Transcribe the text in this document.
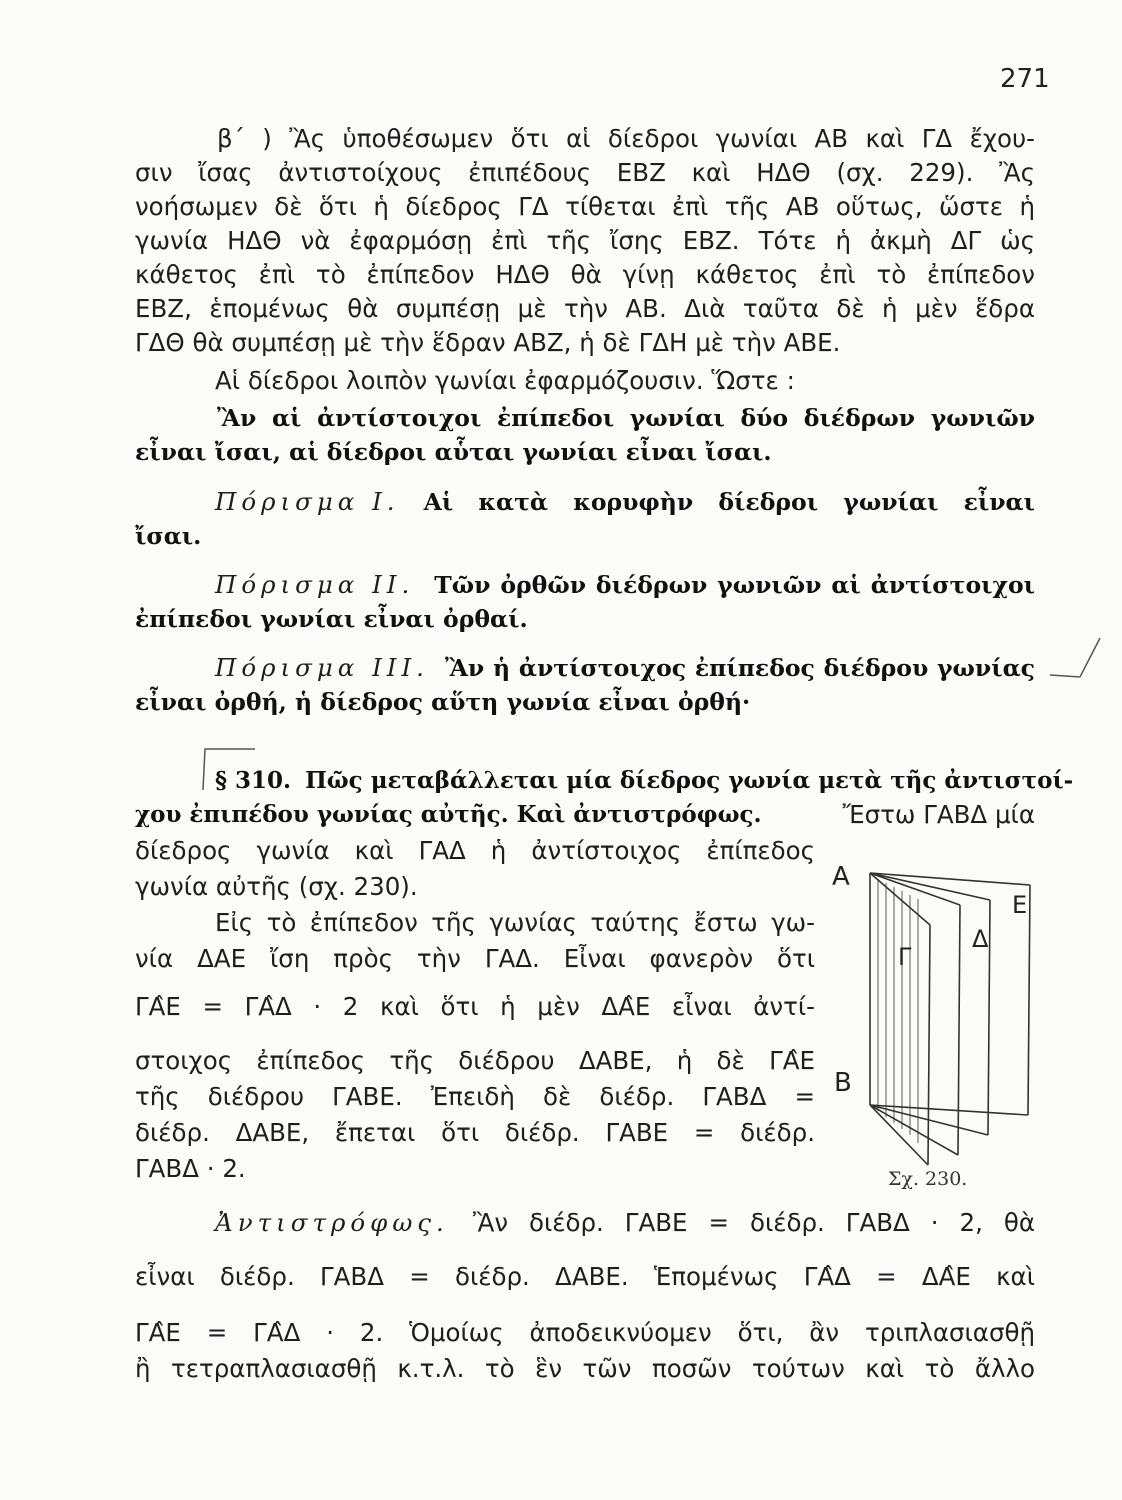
271
β΄ ) Ἂς ὑποθέσωμεν ὅτι αἱ δίεδροι γωνίαι ΑΒ καὶ ΓΔ ἔχου-
σιν ἴσας ἀντιστοίχους ἐπιπέδους ΕΒΖ καὶ ΗΔΘ (σχ. 229). Ἂς
νοήσωμεν δὲ ὅτι ἡ δίεδρος ΓΔ τίθεται ἐπὶ τῆς ΑΒ οὕτως, ὥστε ἡ
γωνία ΗΔΘ νὰ ἐφαρμόσῃ ἐπὶ τῆς ἴσης ΕΒΖ. Τότε ἡ ἀκμὴ ΔΓ ὡς
κάθετος ἐπὶ τὸ ἐπίπεδον ΗΔΘ θὰ γίνῃ κάθετος ἐπὶ τὸ ἐπίπεδον
ΕΒΖ, ἑπομένως θὰ συμπέσῃ μὲ τὴν ΑΒ. Διὰ ταῦτα δὲ ἡ μὲν ἕδρα
ΓΔΘ θὰ συμπέσῃ μὲ τὴν ἕδραν ΑΒΖ, ἡ δὲ ΓΔΗ μὲ τὴν ΑΒΕ.
Αἱ δίεδροι λοιπὸν γωνίαι ἐφαρμόζουσιν. Ὥστε :
Ἂν αἱ ἀντίστοιχοι ἐπίπεδοι γωνίαι δύο διέδρων γωνιῶν
εἶναι ἴσαι, αἱ δίεδροι αὗται γωνίαι εἶναι ἴσαι.
Πόρισμα I. Αἱ κατὰ κορυφὴν δίεδροι γωνίαι εἶναι
ἴσαι.
Πόρισμα II. Τῶν ὀρθῶν διέδρων γωνιῶν αἱ ἀντίστοιχοι
ἐπίπεδοι γωνίαι εἶναι ὀρθαί.
Πόρισμα III. Ἂν ἡ ἀντίστοιχος ἐπίπεδος διέδρου γωνίας
εἶναι ὀρθή, ἡ δίεδρος αὕτη γωνία εἶναι ὀρθή·
§ 310. Πῶς μεταβάλλεται μία δίεδρος γωνία μετὰ τῆς ἀντιστοί-
χου ἐπιπέδου γωνίας αὐτῆς. Καὶ ἀντιστρόφως.	Ἔστω ΓΑΒΔ μία
δίεδρος γωνία καὶ ΓΑΔ ἡ ἀντίστοιχος ἐπίπεδος
γωνία αὐτῆς (σχ. 230).
Εἰς τὸ ἐπίπεδον τῆς γωνίας ταύτης ἔστω γω-
νία ΔΑΕ ἴση πρὸς τὴν ΓΑΔ. Εἶναι φανερὸν ὅτι
ΓΑ̂Ε = ΓΑ̂Δ · 2 καὶ ὅτι ἡ μὲν ΔΑ̂Ε εἶναι ἀντί-
στοιχος ἐπίπεδος τῆς διέδρου ΔΑΒΕ, ἡ δὲ ΓΑ̂Ε
τῆς διέδρου ΓΑΒΕ. Ἐπειδὴ δὲ διέδρ. ΓΑΒΔ =
διέδρ. ΔΑΒΕ, ἔπεται ὅτι διέδρ. ΓΑΒΕ = διέδρ.
ΓΑΒΔ · 2.
Α
Ε
Δ
Γ
Β
Σχ. 230.
Ἀντιστρόφως. Ἂν διέδρ. ΓΑΒΕ = διέδρ. ΓΑΒΔ · 2, θὰ
εἶναι διέδρ. ΓΑΒΔ = διέδρ. ΔΑΒΕ. Ἑπομένως ΓΑ̂Δ = ΔΑ̂Ε καὶ
ΓΑ̂Ε = ΓΑ̂Δ · 2. Ὁμοίως ἀποδεικνύομεν ὅτι, ἂν τριπλασιασθῇ
ἢ τετραπλασιασθῇ κ.τ.λ. τὸ ἓν τῶν ποσῶν τούτων καὶ τὸ ἄλλο
